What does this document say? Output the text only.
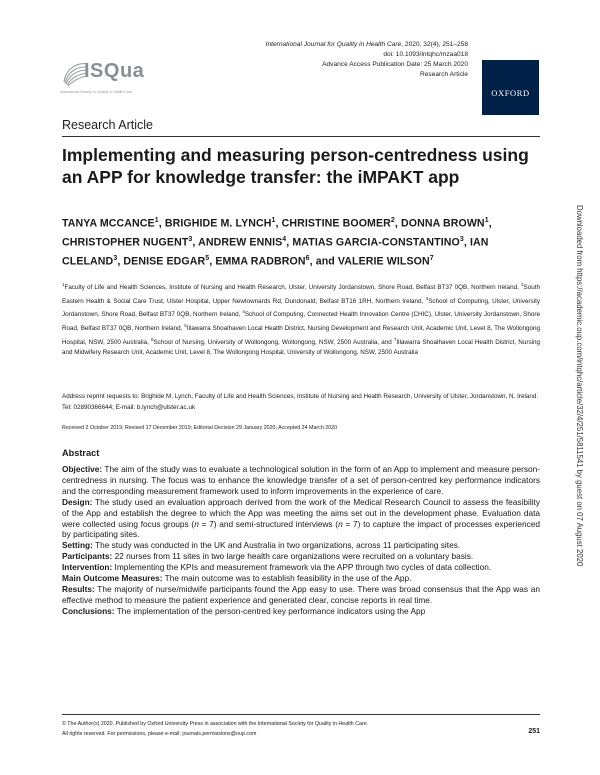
ISQua
International Society for Quality in Health Care
International Journal for Quality in Health Care, 2020, 32(4), 251–258
doi: 10.1093/intqhc/mzaa018
Advance Access Publication Date: 25 March 2020
Research Article
OXFORD
Research Article
Implementing and measuring person-centredness using an APP for knowledge transfer: the iMPAKT app
TANYA MCCANCE$^1$, BRIGHIDE M. LYNCH$^1$, CHRISTINE BOOMER$^2$, DONNA BROWN$^1$, CHRISTOPHER NUGENT$^3$, ANDREW ENNIS$^4$, MATIAS GARCIA-CONSTANTINO$^3$, IAN CLELAND$^3$, DENISE EDGAR$^5$, EMMA RADBRON$^6$, and VALERIE WILSON$^7$
$^1$Faculty of Life and Health Sciences, Institute of Nursing and Health Research, Ulster, University Jordanstown, Shore Road, Belfast BT37 0QB, Northern Ireland, $^2$South Eastern Health & Social Care Trust, Ulster Hospital, Upper Newtownards Rd, Dundonald, Belfast BT16 1RH, Northern Ireland, $^3$School of Computing, Ulster, University Jordanstown, Shore Road, Belfast BT37 0QB, Northern Ireland, $^4$School of Computing, Connected Health Innovation Centre (CHIC), Ulster, University Jordanstown, Shore Road, Belfast BT37 0QB, Northern Ireland, $^5$Illawarra Shoalhaven Local Health District, Nursing Development and Research Unit, Academic Unit, Level 8, The Wollongong Hospital, NSW, 2500 Australia, $^6$School of Nursing, University of Wollongong, Wollongong, NSW, 2500 Australia, and $^7$Illawarra Shoalhaven Local Health District, Nursing and Midwifery Research Unit, Academic Unit, Level 8, The Wollongong Hospital, University of Wollongong, NSW, 2500 Australia
Address reprint requests to: Brighide M. Lynch, Faculty of Life and Health Sciences, Institute of Nursing and Health Research, University of Ulster, Jordanstown, N. Ireland. Tel: 02890366644; E-mail: b.lynch@ulster.ac.uk
Received 2 October 2019; Revised 17 December 2019; Editorial Decision 29 January 2020; Accepted 24 March 2020
Abstract

Objective: The aim of the study was to evaluate a technological solution in the form of an App to implement and measure person-centredness in nursing. The focus was to enhance the knowledge transfer of a set of person-centred key performance indicators and the corresponding measurement framework used to inform improvements in the experience of care.

Design: The study used an evaluation approach derived from the work of the Medical Research Council to assess the feasibility of the App and establish the degree to which the App was meeting the aims set out in the development phase. Evaluation data were collected using focus groups (n = 7) and semi-structured interviews (n = 7) to capture the impact of processes experienced by participating sites.

Setting: The study was conducted in the UK and Australia in two organizations, across 11 participating sites.

Participants: 22 nurses from 11 sites in two large health care organizations were recruited on a voluntary basis.

Intervention: Implementing the KPIs and measurement framework via the APP through two cycles of data collection.

Main Outcome Measures: The main outcome was to establish feasibility in the use of the App.

Results: The majority of nurse/midwife participants found the App easy to use. There was broad consensus that the App was an effective method to measure the patient experience and generated clear, concise reports in real time.

Conclusions: The implementation of the person-centred key performance indicators using the App

© The Author(s) 2020. Published by Oxford University Press in association with the International Society for Quality in Health Care.
All rights reserved. For permissions, please e-mail: journals.permissions@oup.com	251
Downloaded from https://academic.oup.com/intqhc/article/32/4/251/5811541 by guest on 07 August 2020
